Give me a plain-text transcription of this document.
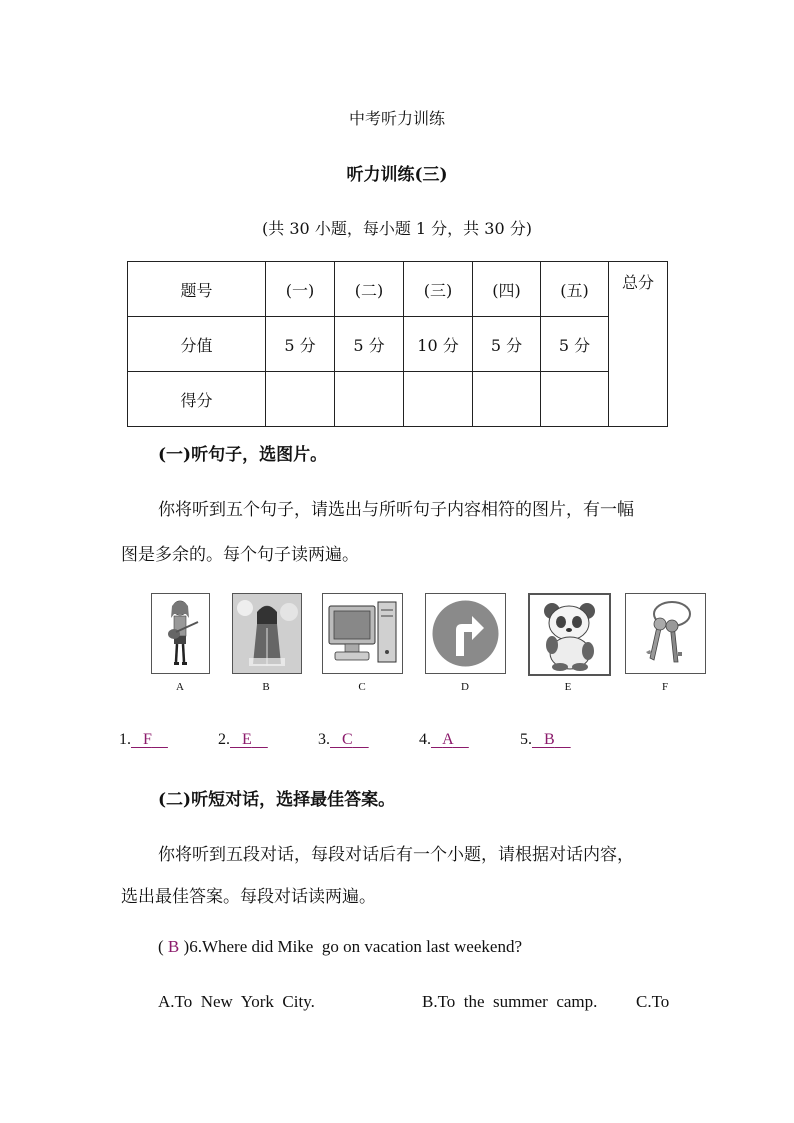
中考听力训练
听力训练(三)
(共 30 小题，每小题 1 分，共 30 分)
题号	(一)	(二)	(三)	(四)	(五)	总分
分值	5 分	5 分	10 分	5 分	5 分	
得分						
(一)听句子，选图片。
你将听到五个句子，请选出与所听句子内容相符的图片，有一幅
图是多余的。每个句子读两遍。
A	B	C	D	E	F
1. F	2. E	3. C	4. A	5. B
(二)听短对话，选择最佳答案。
你将听到五段对话，每段对话后有一个小题，请根据对话内容，
选出最佳答案。每段对话读两遍。
( B )6.Where did Mike  go on vacation last weekend?
A.To  New  York  City.	B.To  the  summer  camp. C.To
